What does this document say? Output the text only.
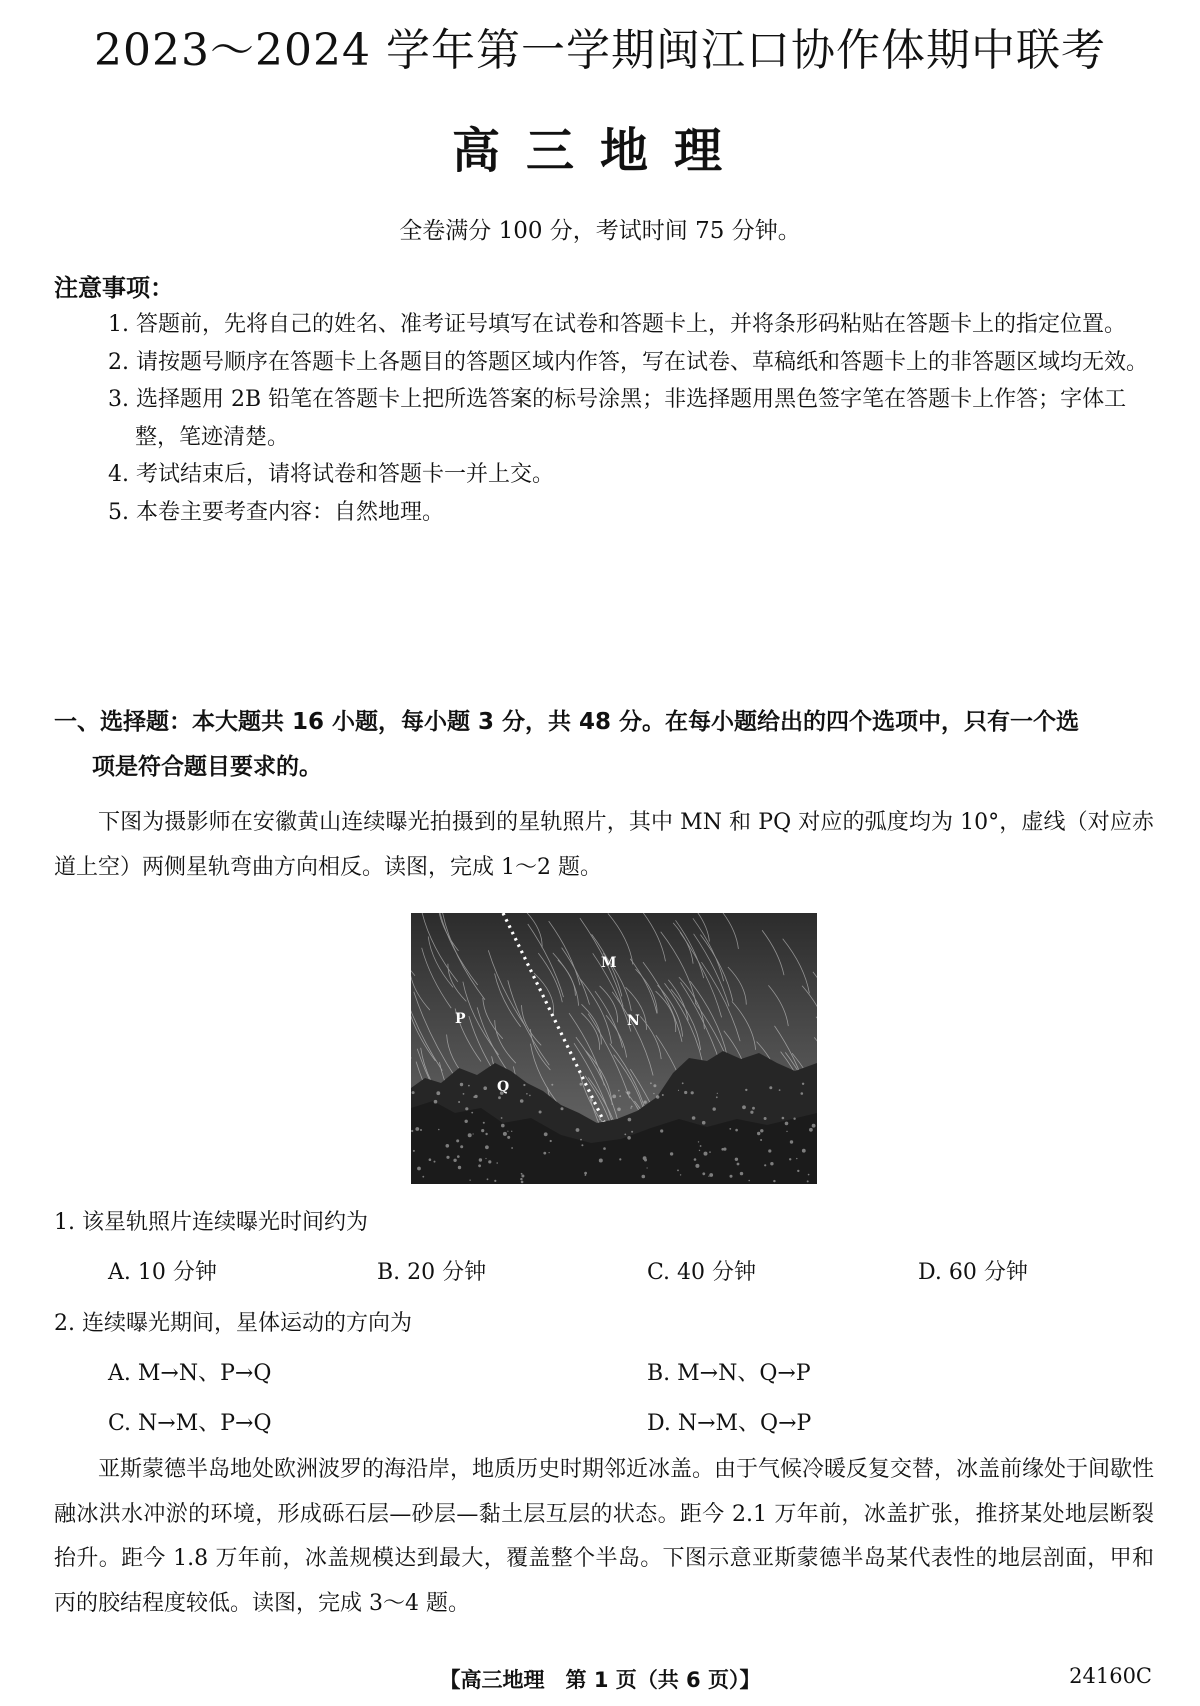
2023～2024 学年第一学期闽江口协作体期中联考
高三地理
全卷满分 100 分，考试时间 75 分钟。
注意事项：
1. 答题前，先将自己的姓名、准考证号填写在试卷和答题卡上，并将条形码粘贴在答题卡上的指定位置。
2. 请按题号顺序在答题卡上各题目的答题区域内作答，写在试卷、草稿纸和答题卡上的非答题区域均无效。
3. 选择题用 2B 铅笔在答题卡上把所选答案的标号涂黑；非选择题用黑色签字笔在答题卡上作答；字体工整，笔迹清楚。
4. 考试结束后，请将试卷和答题卡一并上交。
5. 本卷主要考查内容：自然地理。
一、选择题：本大题共 16 小题，每小题 3 分，共 48 分。在每小题给出的四个选项中，只有一个选
项是符合题目要求的。
下图为摄影师在安徽黄山连续曝光拍摄到的星轨照片，其中 MN 和 PQ 对应的弧度均为 10°，虚线（对应赤道上空）两侧星轨弯曲方向相反。读图，完成 1～2 题。
M
N
P
Q
1. 该星轨照片连续曝光时间约为
A. 10 分钟	B. 20 分钟	C. 40 分钟	D. 60 分钟
2. 连续曝光期间，星体运动的方向为
A. M→N、P→Q	B. M→N、Q→P
C. N→M、P→Q	D. N→M、Q→P
亚斯蒙德半岛地处欧洲波罗的海沿岸，地质历史时期邻近冰盖。由于气候冷暖反复交替，冰盖前缘处于间歇性融冰洪水冲淤的环境，形成砾石层—砂层—黏土层互层的状态。距今 2.1 万年前，冰盖扩张，推挤某处地层断裂抬升。距今 1.8 万年前，冰盖规模达到最大，覆盖整个半岛。下图示意亚斯蒙德半岛某代表性的地层剖面，甲和丙的胶结程度较低。读图，完成 3～4 题。
【高三地理　第 1 页（共 6 页）】	24160C
